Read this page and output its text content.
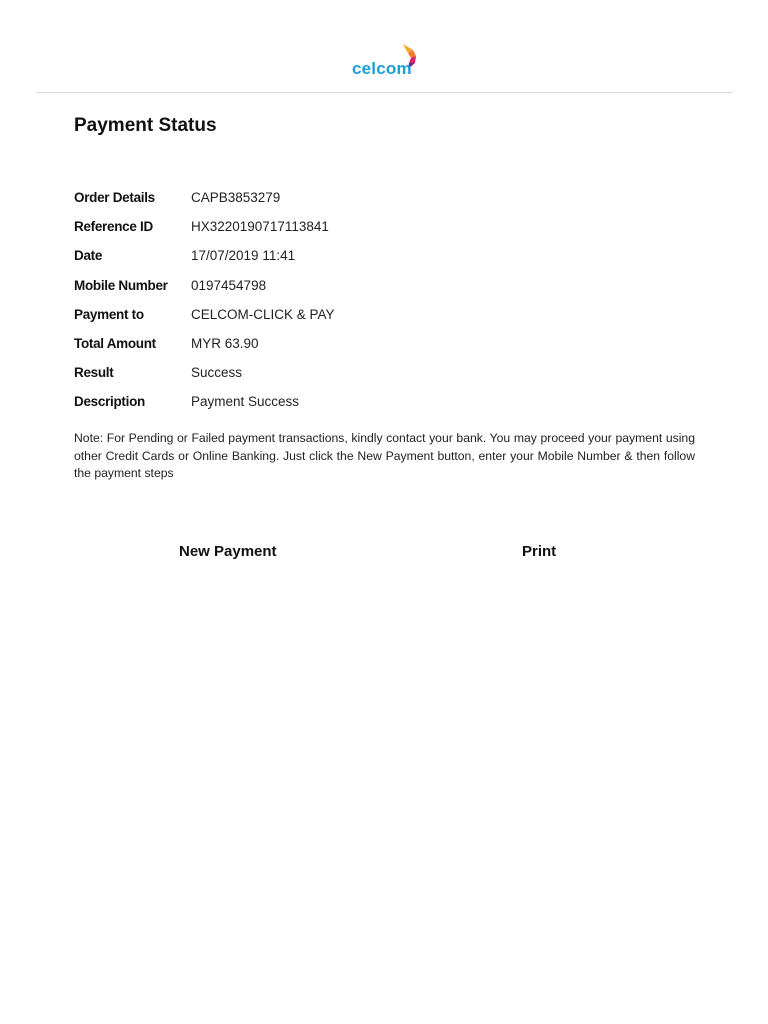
celcom
Payment Status
Order Details	CAPB3853279
Reference ID	HX3220190717113841
Date	17/07/2019 11:41
Mobile Number 0197454798
Payment to	CELCOM-CLICK & PAY
Total Amount	MYR 63.90
Result	Success
Description	Payment Success

Note: For Pending or Failed payment transactions, kindly contact your bank. You may proceed your payment using other Credit Cards or Online Banking. Just click the New Payment button, enter your Mobile Number & then follow the payment steps

New Payment	Print
